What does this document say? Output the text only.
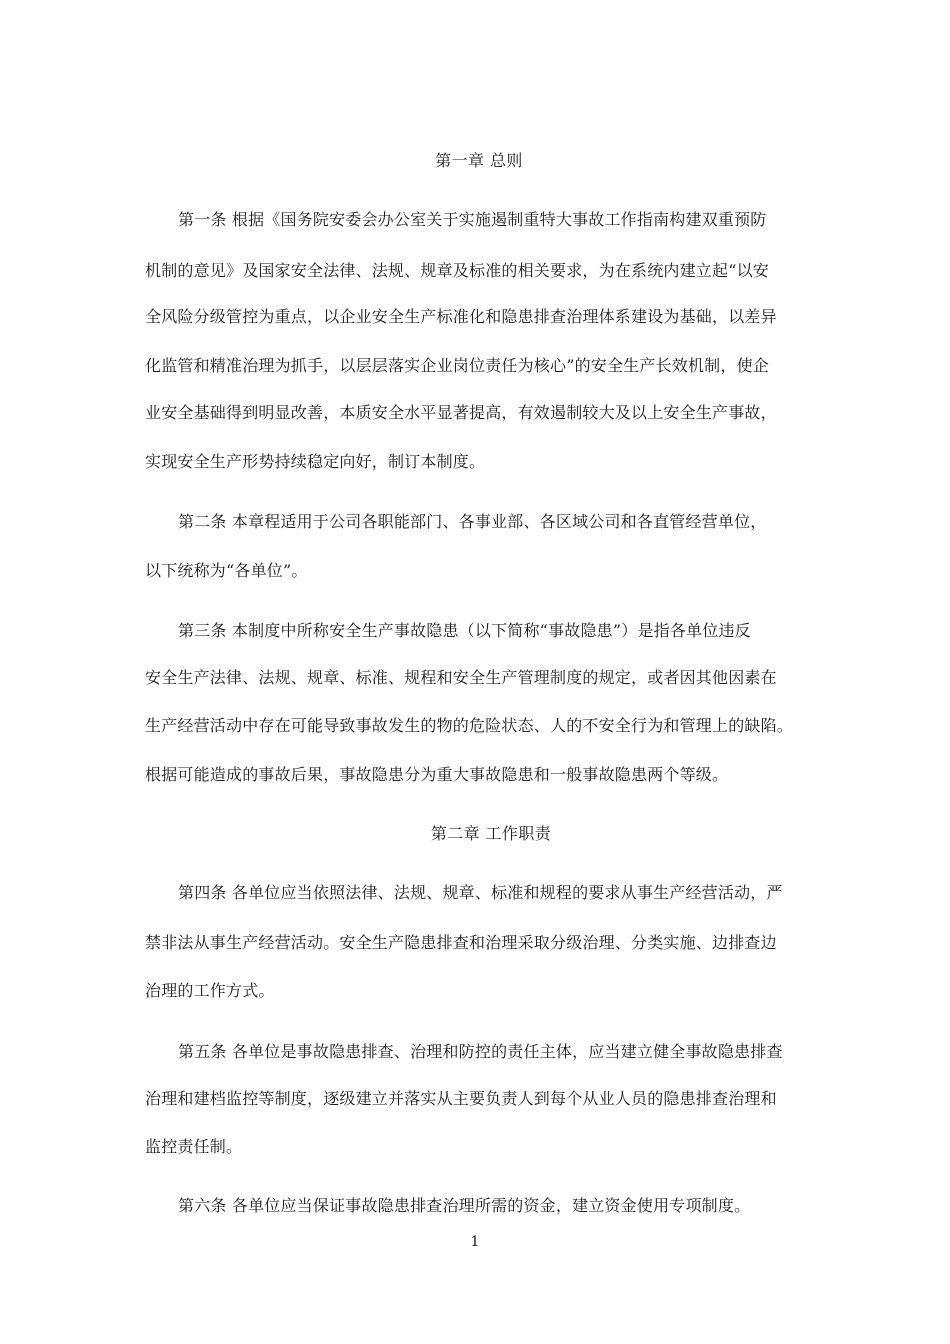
第一章 总则
第一条 根据《国务院安委会办公室关于实施遏制重特大事故工作指南构建双重预防
机制的意见》及国家安全法律、法规、规章及标准的相关要求，为在系统内建立起“以安
全风险分级管控为重点，以企业安全生产标准化和隐患排查治理体系建设为基础，以差异
化监管和精准治理为抓手，以层层落实企业岗位责任为核心”的安全生产长效机制，使企
业安全基础得到明显改善，本质安全水平显著提高，有效遏制较大及以上安全生产事故，
实现安全生产形势持续稳定向好，制订本制度。
第二条 本章程适用于公司各职能部门、各事业部、各区域公司和各直管经营单位，
以下统称为“各单位”。
第三条 本制度中所称安全生产事故隐患（以下简称“事故隐患”）是指各单位违反
安全生产法律、法规、规章、标准、规程和安全生产管理制度的规定，或者因其他因素在
生产经营活动中存在可能导致事故发生的物的危险状态、人的不安全行为和管理上的缺陷。
根据可能造成的事故后果，事故隐患分为重大事故隐患和一般事故隐患两个等级。
第二章 工作职责
第四条 各单位应当依照法律、法规、规章、标准和规程的要求从事生产经营活动，严
禁非法从事生产经营活动。安全生产隐患排查和治理采取分级治理、分类实施、边排查边
治理的工作方式。
第五条 各单位是事故隐患排查、治理和防控的责任主体，应当建立健全事故隐患排查
治理和建档监控等制度，逐级建立并落实从主要负责人到每个从业人员的隐患排查治理和
监控责任制。
第六条 各单位应当保证事故隐患排查治理所需的资金，建立资金使用专项制度。
1
